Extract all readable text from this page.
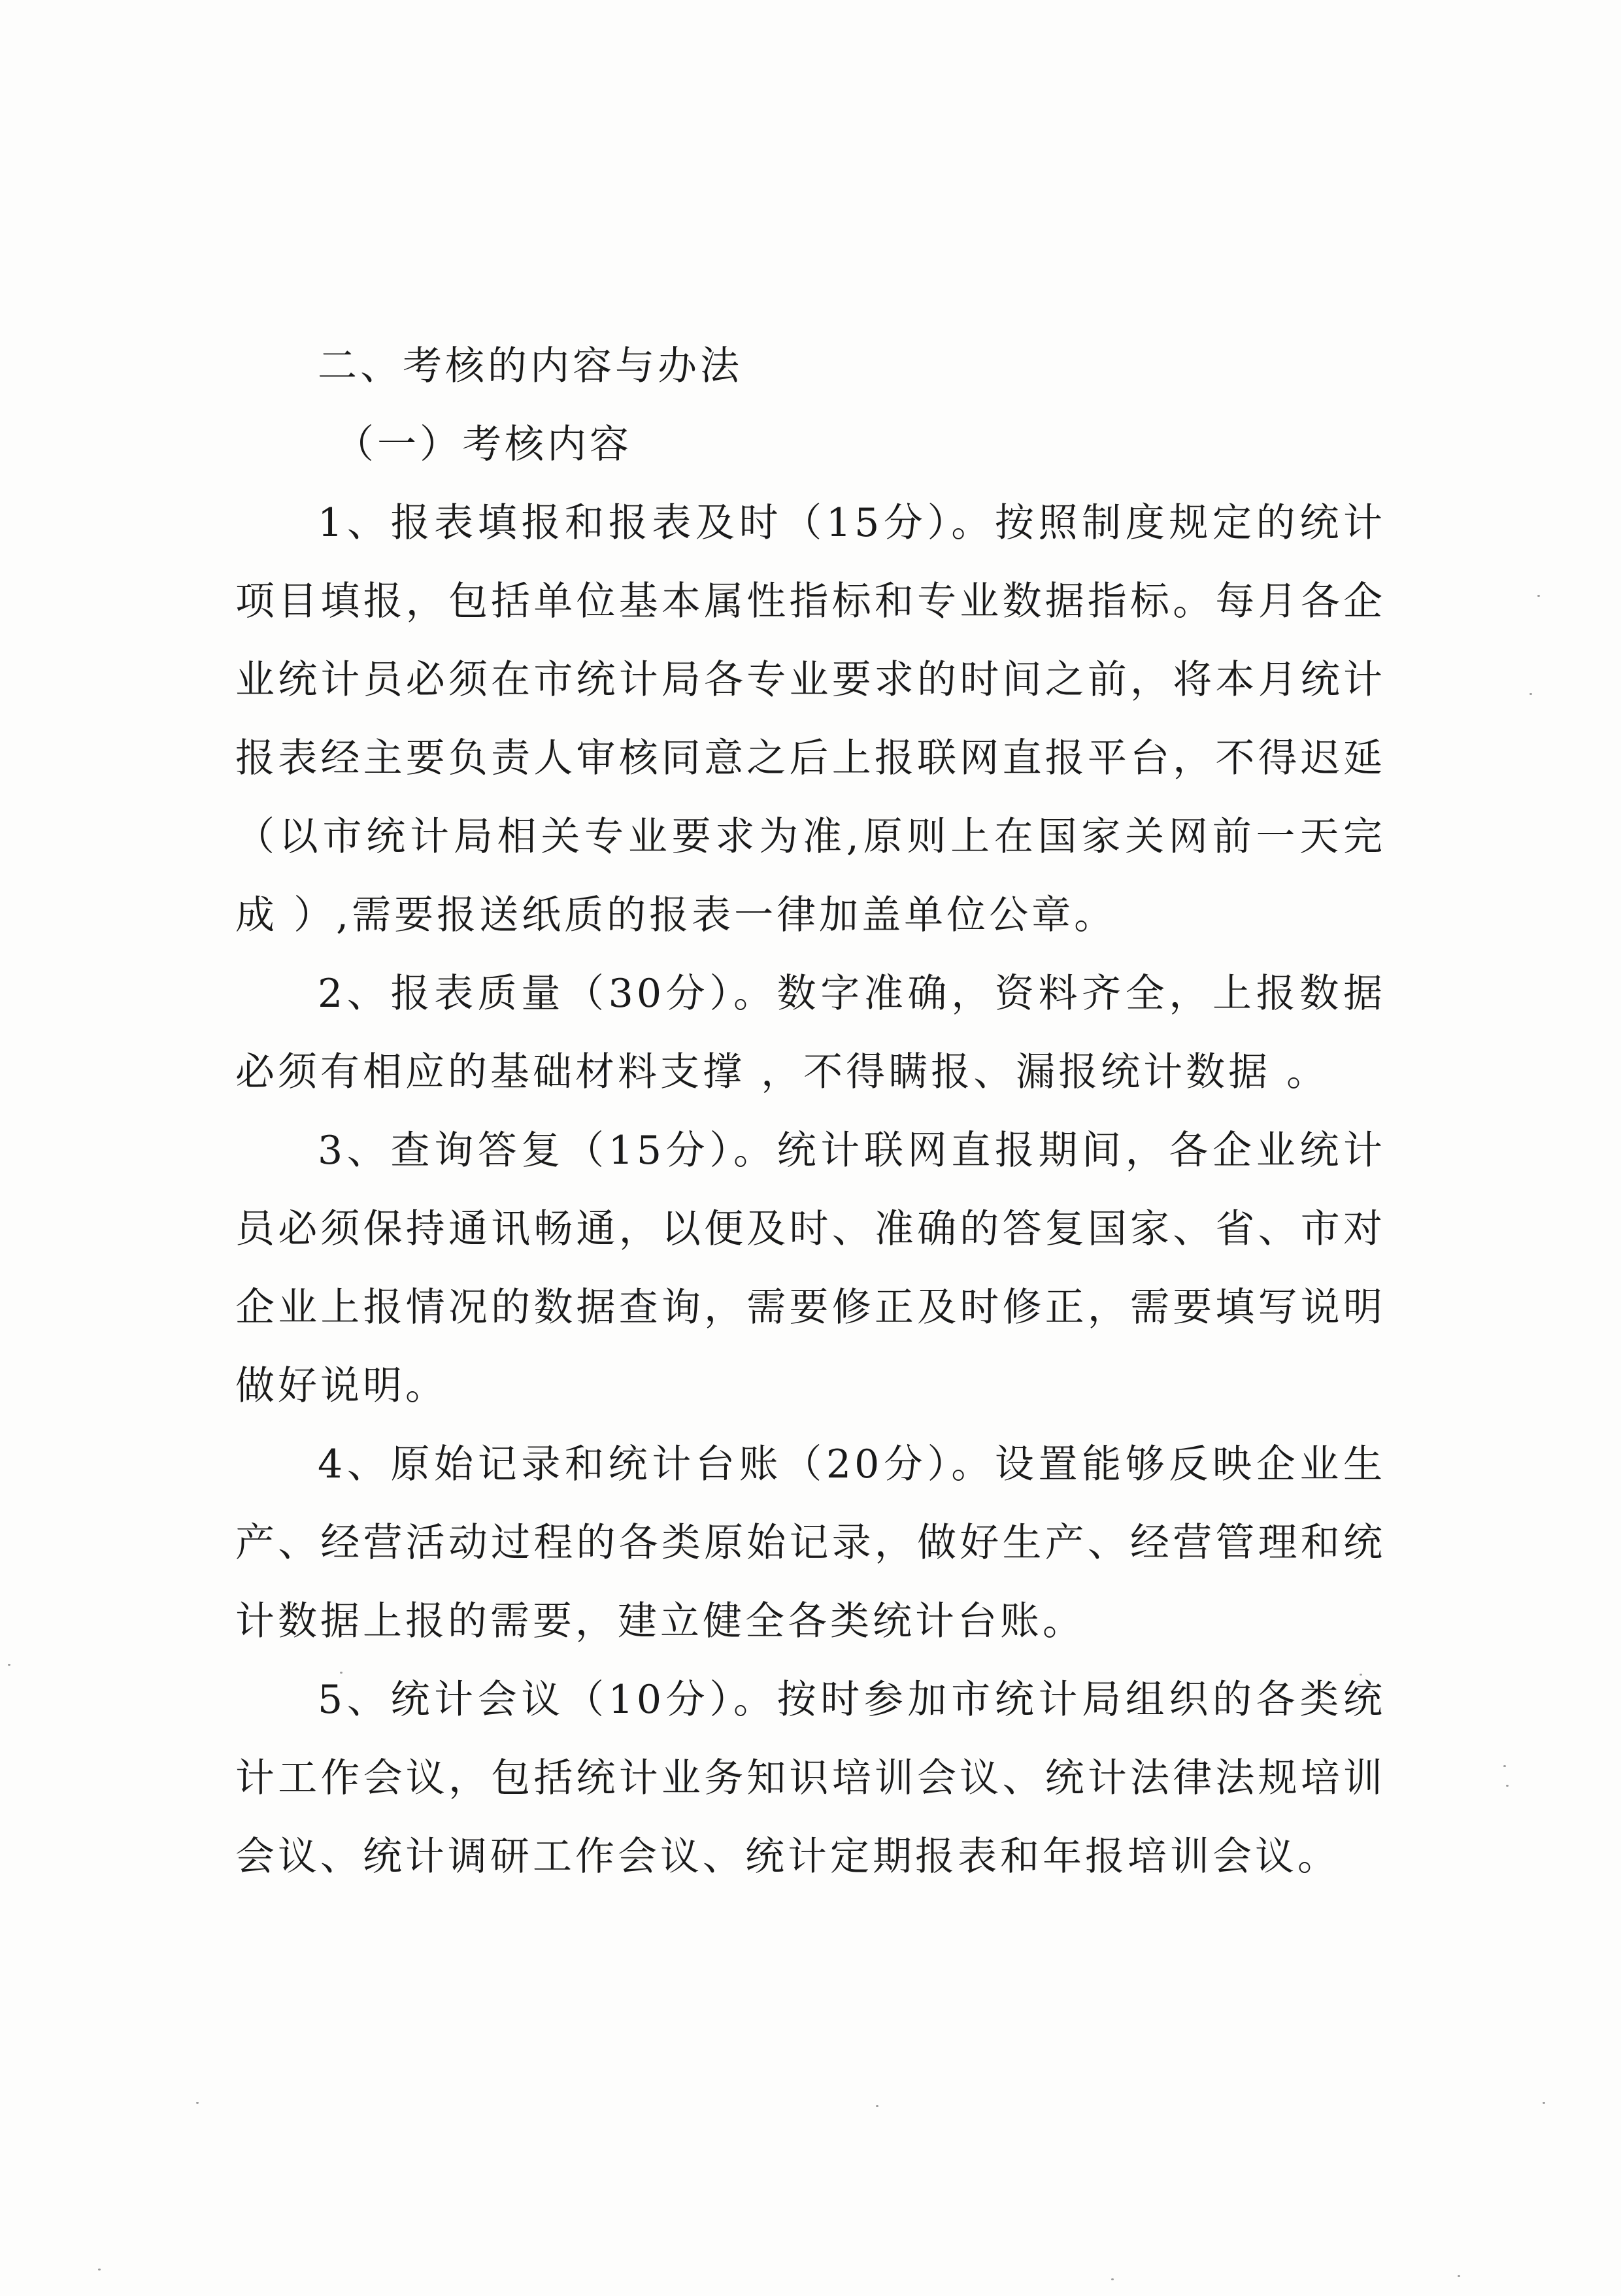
二、考核的内容与办法
（一）考核内容

1、报表填报和报表及时（15分）。按照制度规定的统计项目填报，包括单位基本属性指标和专业数据指标。每月各企业统计员必须在市统计局各专业要求的时间之前，将本月统计报表经主要负责人审核同意之后上报联网直报平台，不得迟延（以市统计局相关专业要求为准,原则上在国家关网前一天完成 ）,需要报送纸质的报表一律加盖单位公章。

2、报表质量（30分）。数字准确，资料齐全，上报数据必须有相应的基础材料支撑 ，不得瞒报、漏报统计数据 。

3、查询答复（15分）。统计联网直报期间，各企业统计员必须保持通讯畅通，以便及时、准确的答复国家、省、市对企业上报情况的数据查询，需要修正及时修正，需要填写说明做好说明。

4、原始记录和统计台账（20分）。设置能够反映企业生产、经营活动过程的各类原始记录，做好生产、经营管理和统计数据上报的需要，建立健全各类统计台账。

5、统计会议（10分）。按时参加市统计局组织的各类统计工作会议，包括统计业务知识培训会议、统计法律法规培训会议、统计调研工作会议、统计定期报表和年报培训会议。
